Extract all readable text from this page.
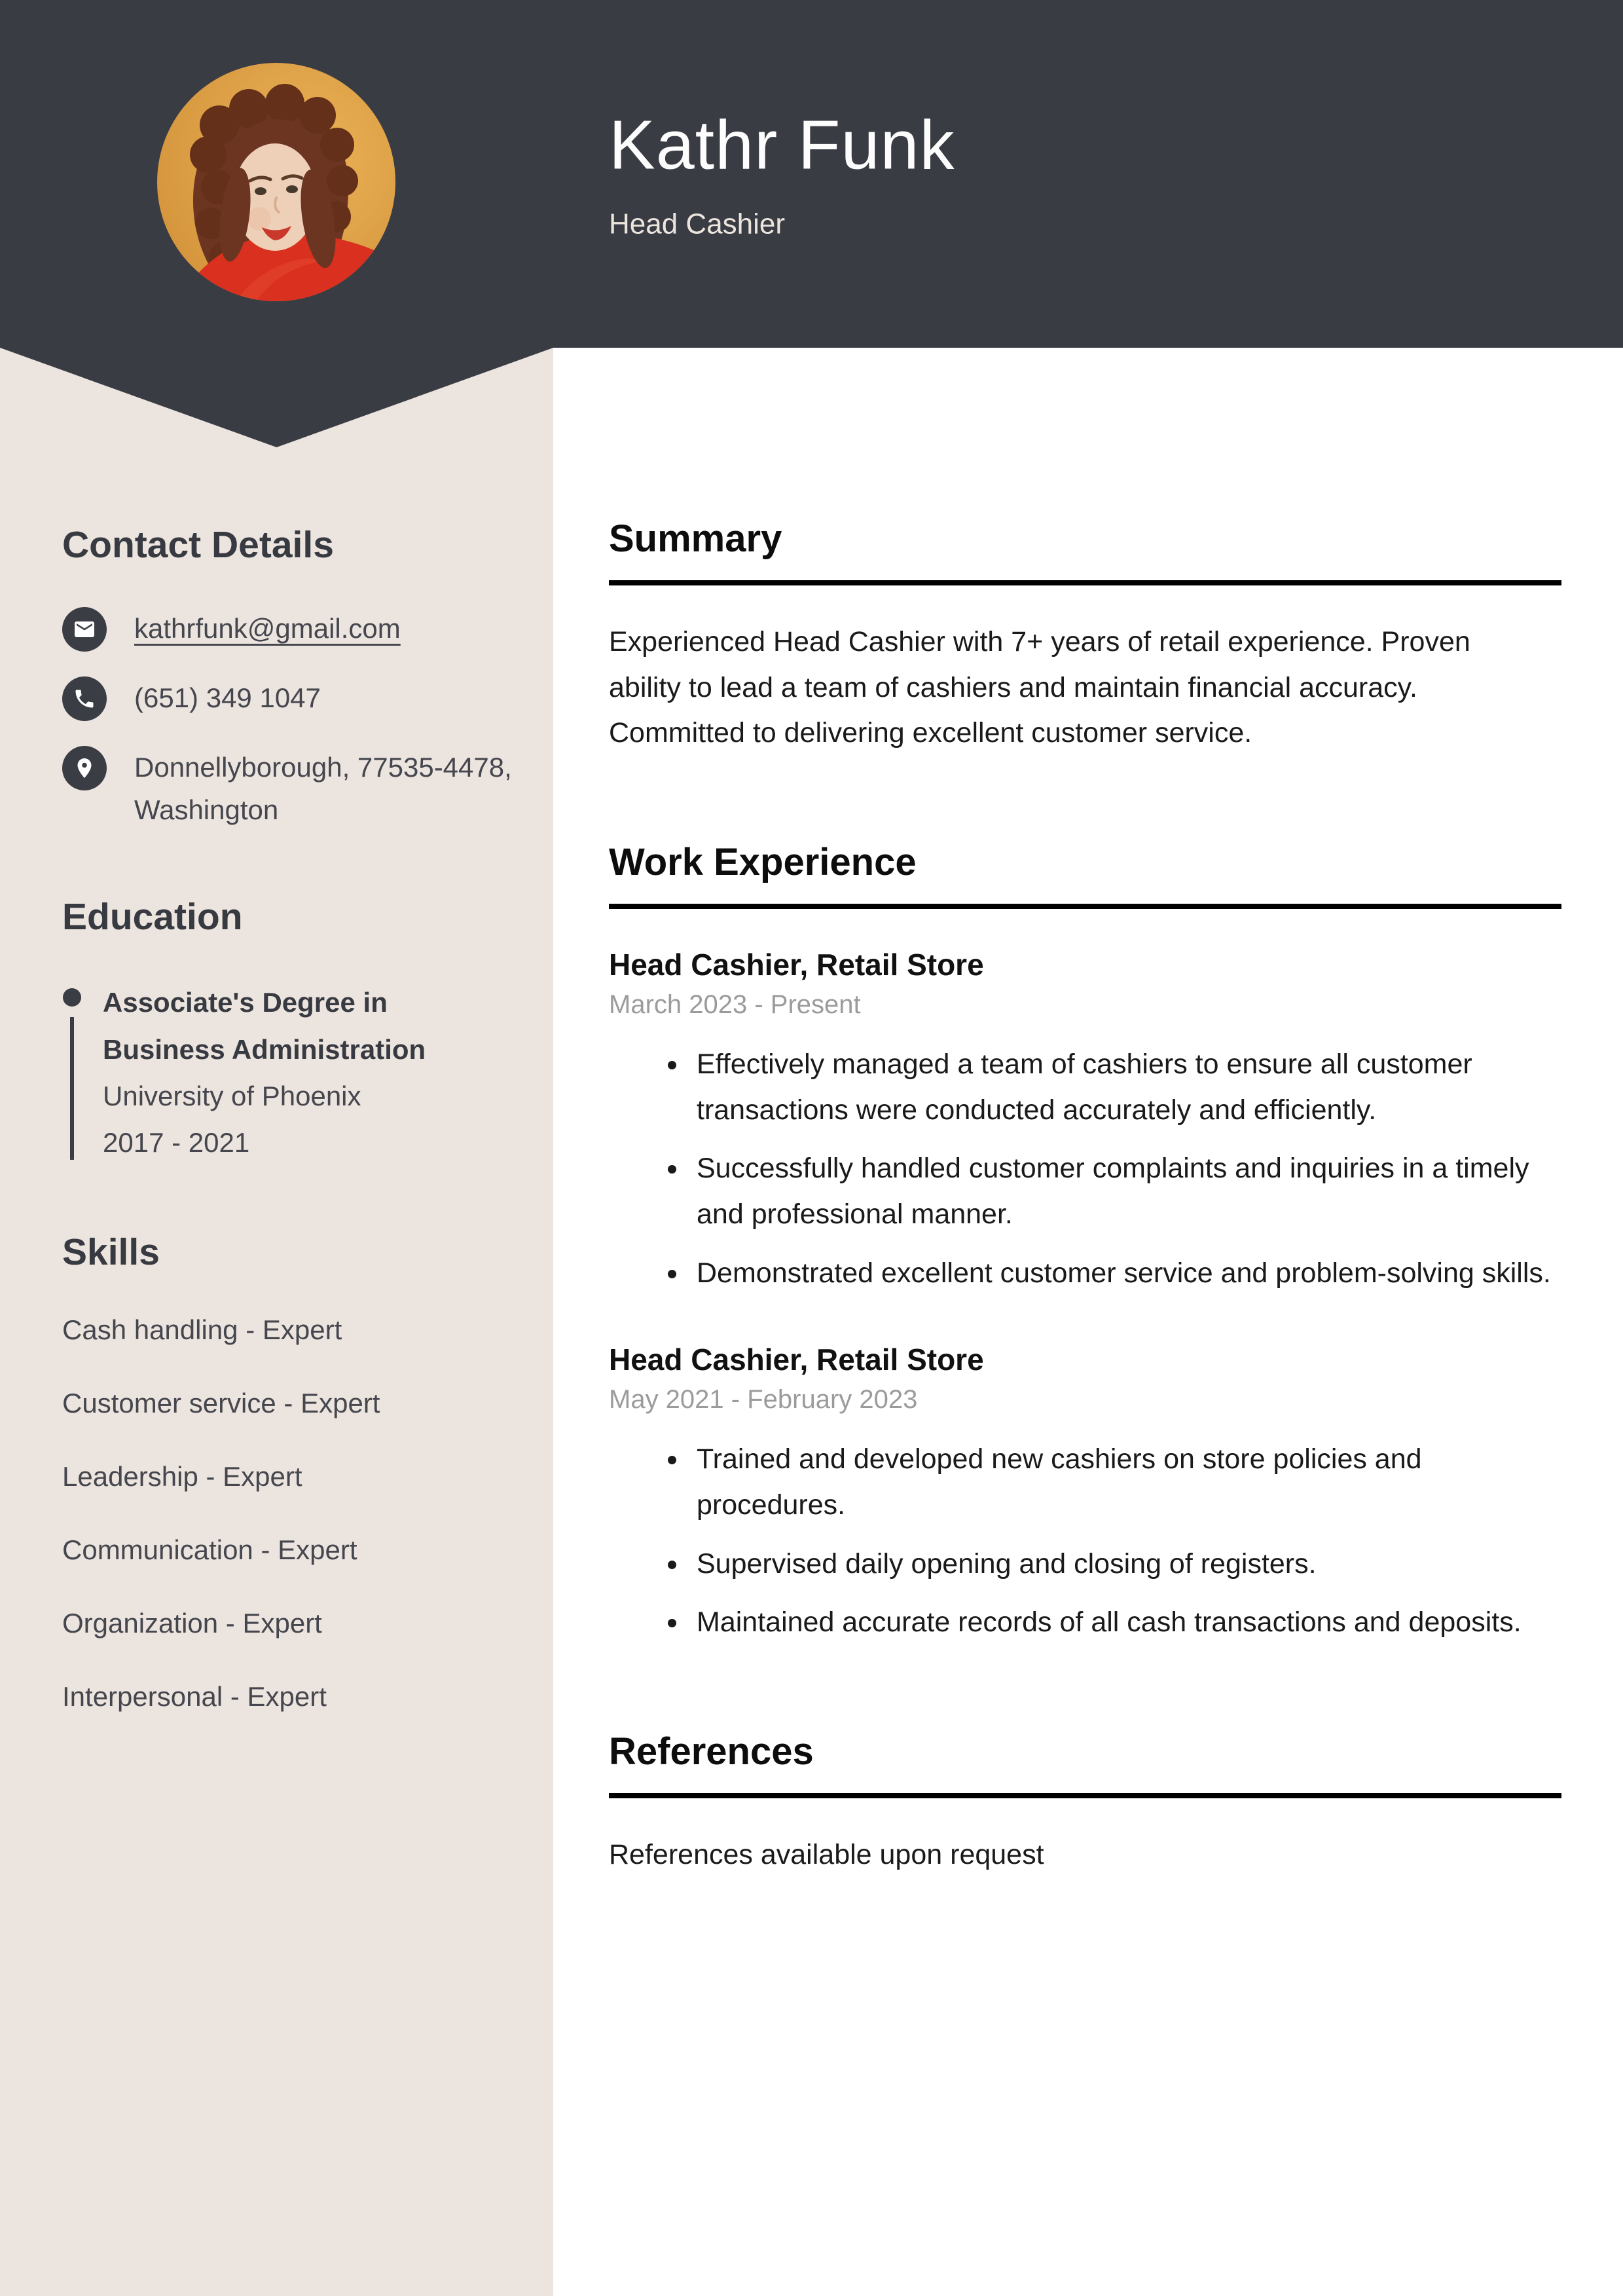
Kathr Funk
Head Cashier
Contact Details
kathrfunk@gmail.com
(651) 349 1047
Donnellyborough, 77535-4478,
Washington
Education
Associate's Degree in
Business Administration
University of Phoenix
2017 - 2021
Skills
Cash handling - Expert
Customer service - Expert
Leadership - Expert
Communication - Expert
Organization - Expert
Interpersonal - Expert
Summary

Experienced Head Cashier with 7+ years of retail experience. Proven ability to lead a team of cashiers and maintain financial accuracy. Committed to delivering excellent customer service.

Work Experience
Head Cashier, Retail Store
March 2023 - Present
• Effectively managed a team of cashiers to ensure all customer transactions were conducted accurately and efficiently.
• Successfully handled customer complaints and inquiries in a timely and professional manner.
• Demonstrated excellent customer service and problem-solving skills.
Head Cashier, Retail Store
May 2021 - February 2023
• Trained and developed new cashiers on store policies and procedures.
• Supervised daily opening and closing of registers.
• Maintained accurate records of all cash transactions and deposits.
References

References available upon request
